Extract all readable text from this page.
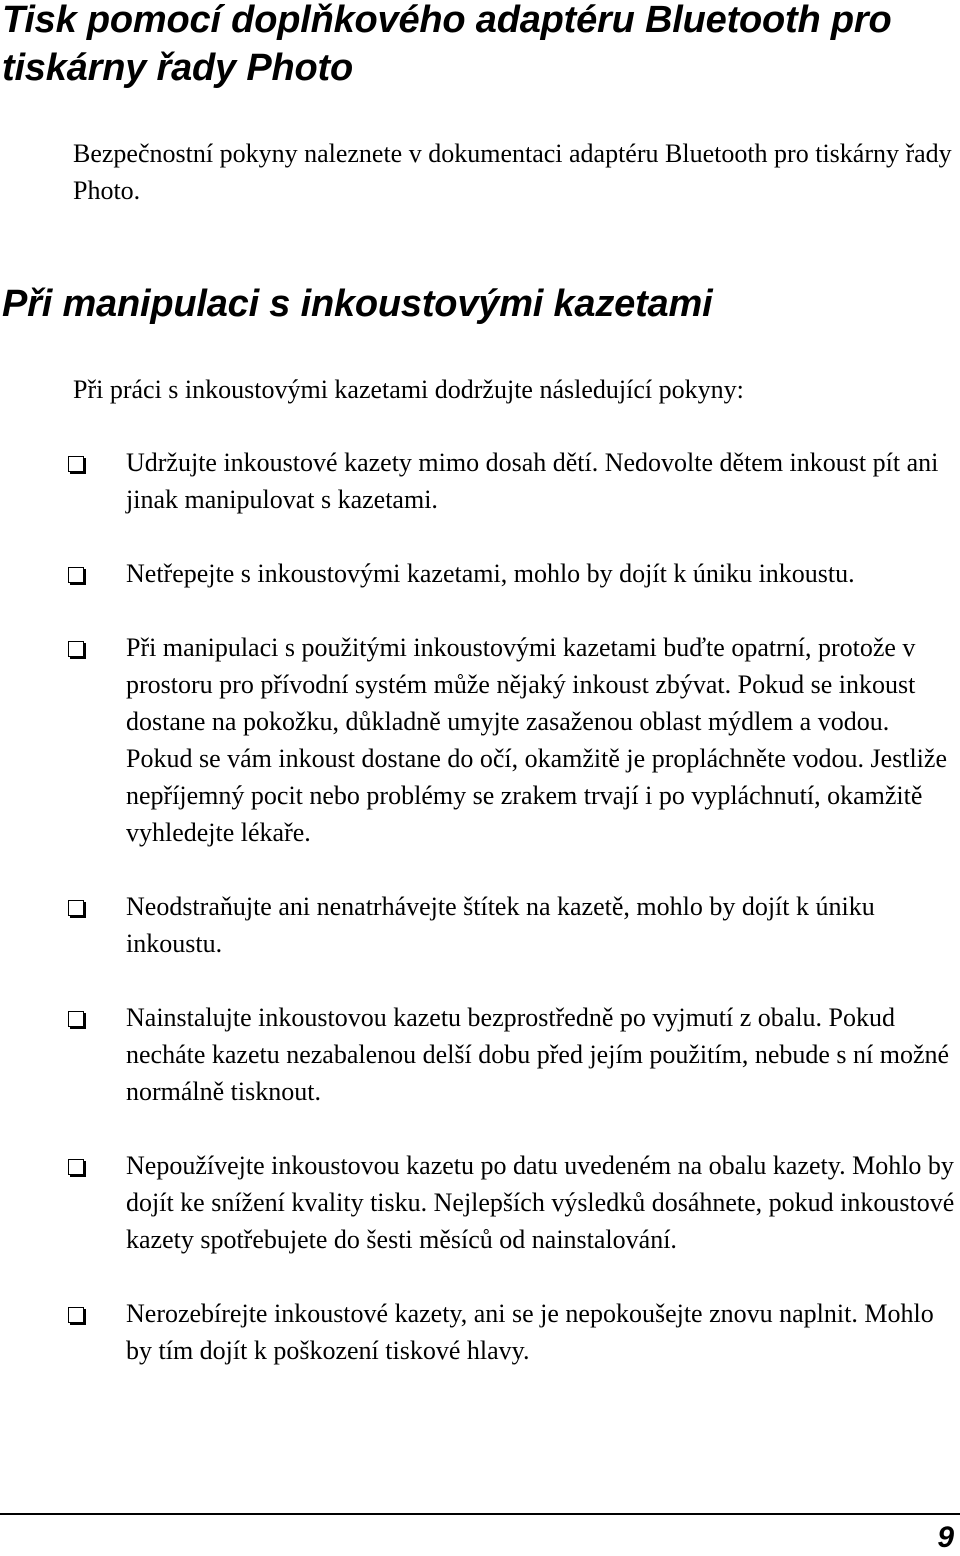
Tisk pomocí doplňkového adaptéru Bluetooth pro tiskárny řady Photo

Bezpečnostní pokyny naleznete v dokumentaci adaptéru Bluetooth pro tiskárny řady Photo.

Při manipulaci s inkoustovými kazetami

Při práci s inkoustovými kazetami dodržujte následující pokyny:

Udržujte inkoustové kazety mimo dosah dětí. Nedovolte dětem inkoust pít ani jinak manipulovat s kazetami.
Netřepejte s inkoustovými kazetami, mohlo by dojít k úniku inkoustu.
Při manipulaci s použitými inkoustovými kazetami buďte opatrní, protože v prostoru pro přívodní systém může nějaký inkoust zbývat. Pokud se inkoust dostane na pokožku, důkladně umyjte zasaženou oblast mýdlem a vodou. Pokud se vám inkoust dostane do očí, okamžitě je propláchněte vodou. Jestliže nepříjemný pocit nebo problémy se zrakem trvají i po vypláchnutí, okamžitě vyhledejte lékaře.
Neodstraňujte ani nenatrhávejte štítek na kazetě, mohlo by dojít k úniku inkoustu.
Nainstalujte inkoustovou kazetu bezprostředně po vyjmutí z obalu. Pokud necháte kazetu nezabalenou delší dobu před jejím použitím, nebude s ní možné normálně tisknout.
Nepoužívejte inkoustovou kazetu po datu uvedeném na obalu kazety. Mohlo by dojít ke snížení kvality tisku. Nejlepších výsledků dosáhnete, pokud inkoustové kazety spotřebujete do šesti měsíců od nainstalování.
Nerozebírejte inkoustové kazety, ani se je nepokoušejte znovu naplnit. Mohlo by tím dojít k poškození tiskové hlavy.
9
